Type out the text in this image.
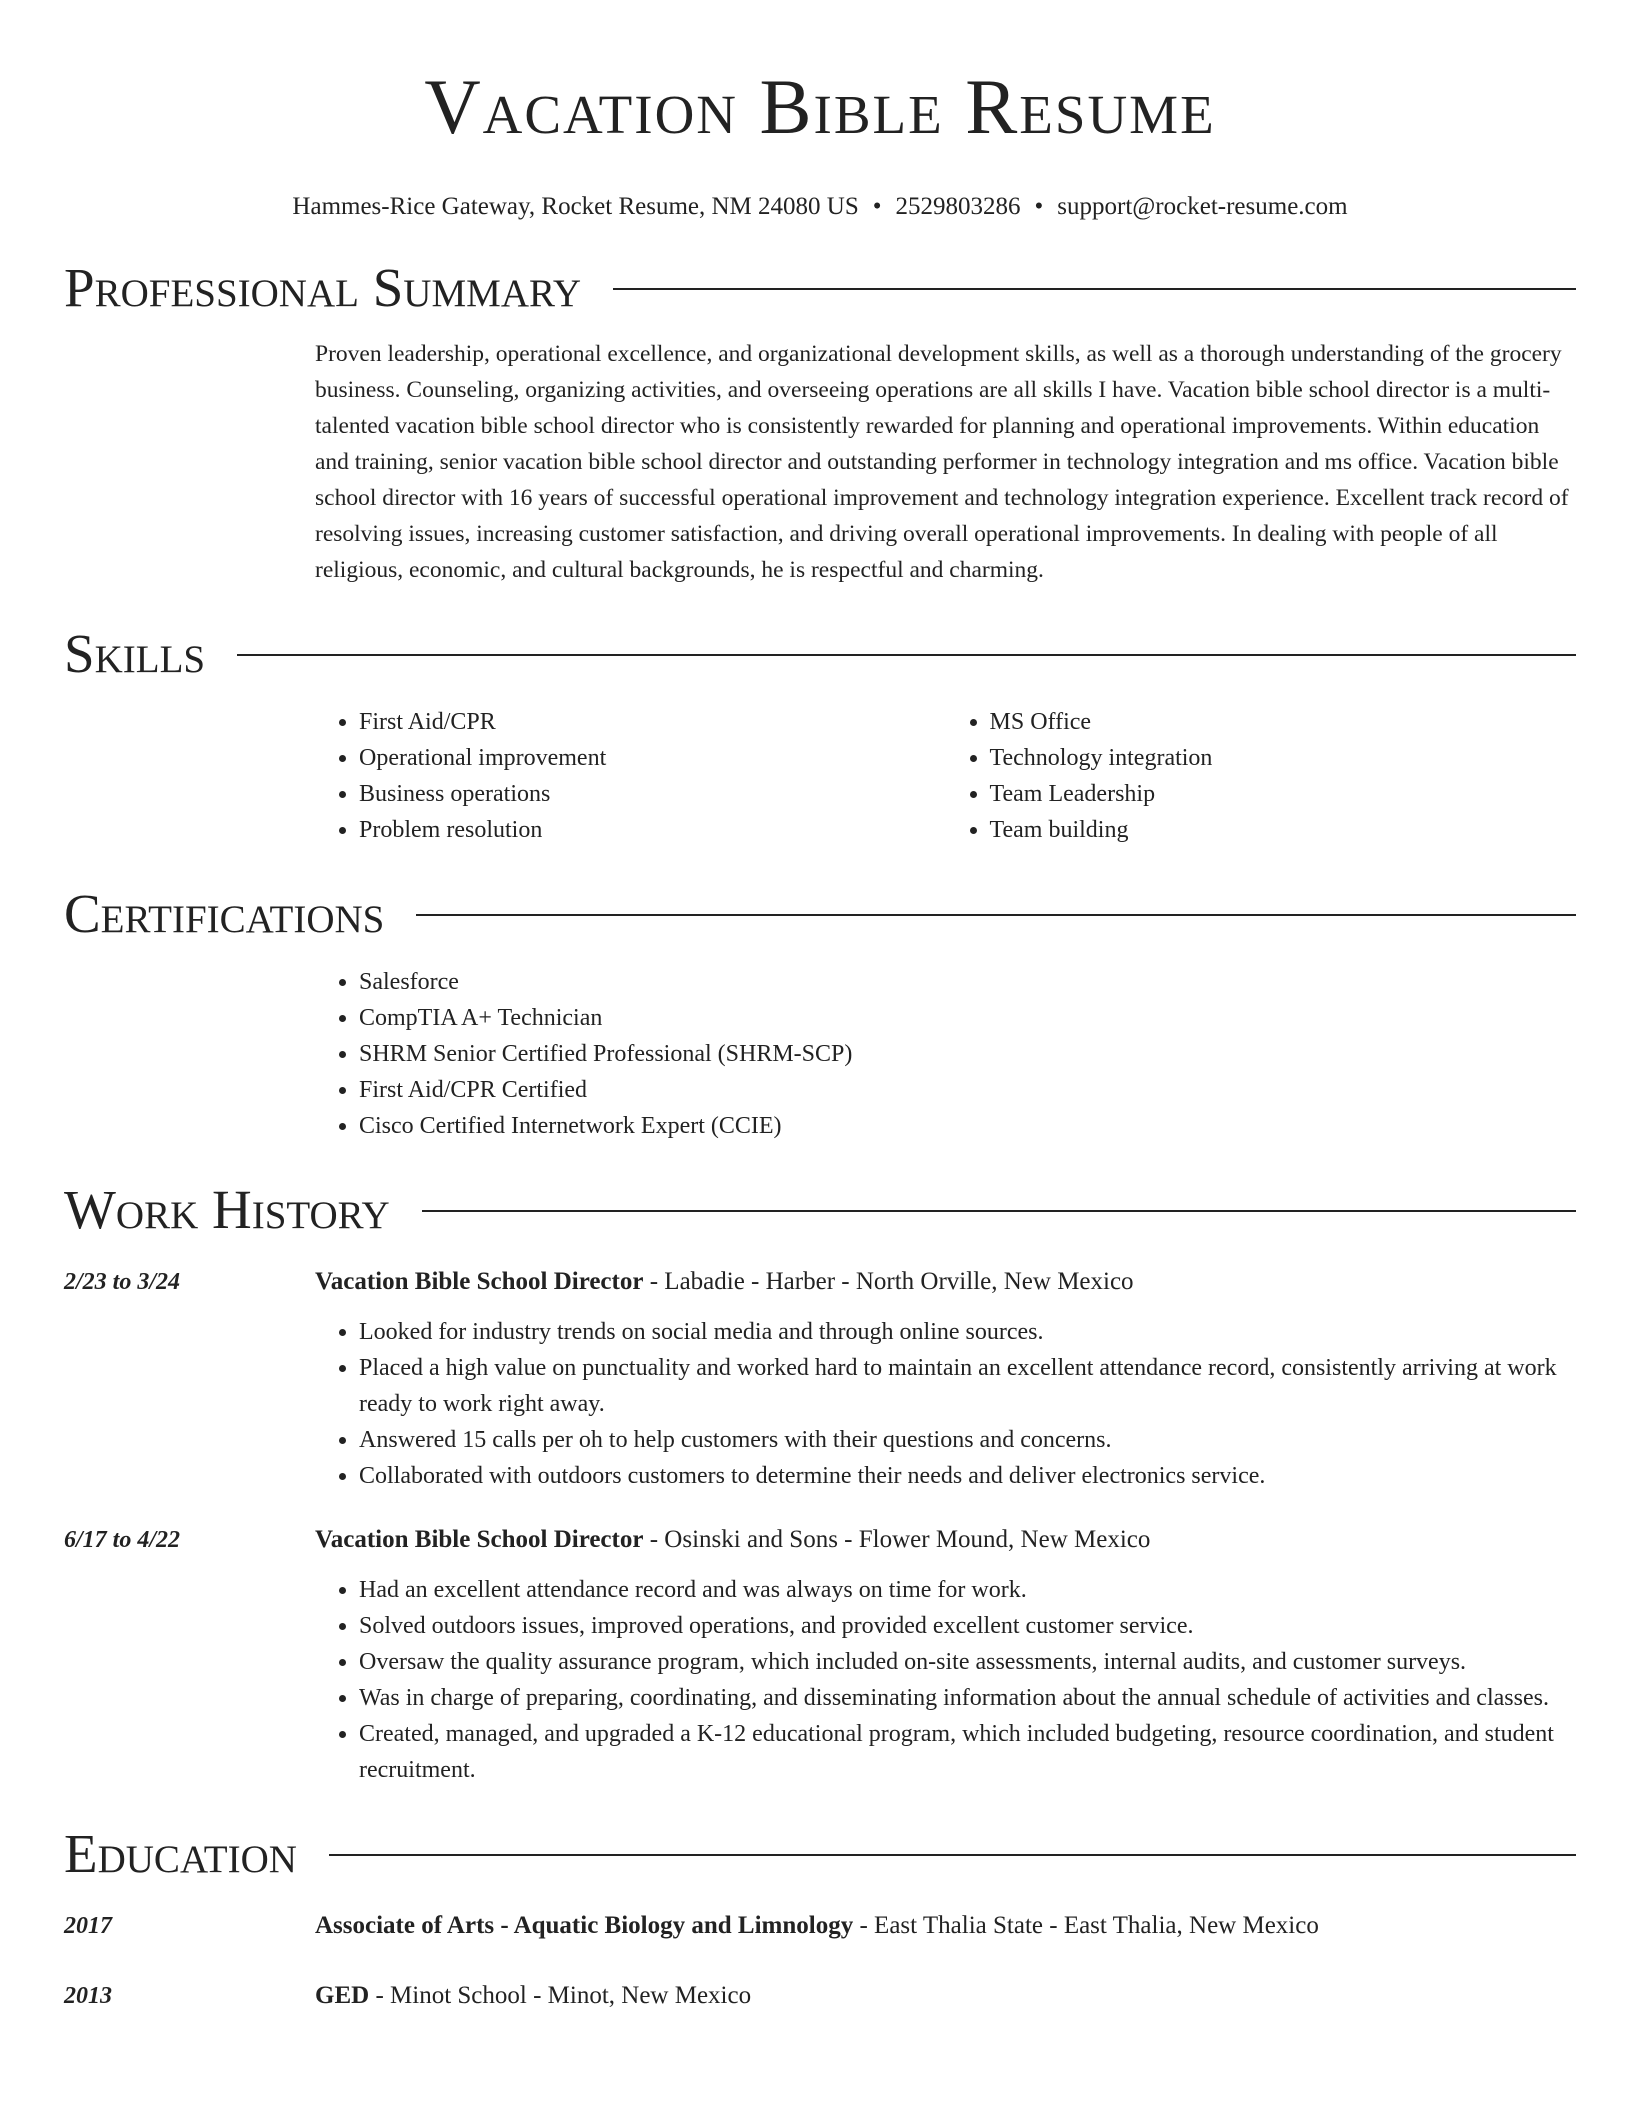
Vacation Bible Resume
Hammes-Rice Gateway, Rocket Resume, NM 24080 US • 2529803286 • support@rocket-resume.com
Professional Summary
Proven leadership, operational excellence, and organizational development skills, as well as a thorough understanding of the grocery business. Counseling, organizing activities, and overseeing operations are all skills I have. Vacation bible school director is a multi-talented vacation bible school director who is consistently rewarded for planning and operational improvements. Within education and training, senior vacation bible school director and outstanding performer in technology integration and ms office. Vacation bible school director with 16 years of successful operational improvement and technology integration experience. Excellent track record of resolving issues, increasing customer satisfaction, and driving overall operational improvements. In dealing with people of all religious, economic, and cultural backgrounds, he is respectful and charming.
Skills
• First Aid/CPR
• Operational improvement
• Business operations
• Problem resolution
• MS Office
• Technology integration
• Team Leadership
• Team building
Certifications
• Salesforce
• CompTIA A+ Technician
• SHRM Senior Certified Professional (SHRM-SCP)
• First Aid/CPR Certified
• Cisco Certified Internetwork Expert (CCIE)
Work History
2/23 to 3/24	Vacation Bible School Director - Labadie - Harber - North Orville, New Mexico
• Looked for industry trends on social media and through online sources.
• Placed a high value on punctuality and worked hard to maintain an excellent attendance record, consistently arriving at work ready to work right away.
• Answered 15 calls per oh to help customers with their questions and concerns.
• Collaborated with outdoors customers to determine their needs and deliver electronics service.
6/17 to 4/22	Vacation Bible School Director - Osinski and Sons - Flower Mound, New Mexico
• Had an excellent attendance record and was always on time for work.
• Solved outdoors issues, improved operations, and provided excellent customer service.
• Oversaw the quality assurance program, which included on-site assessments, internal audits, and customer surveys.
• Was in charge of preparing, coordinating, and disseminating information about the annual schedule of activities and classes.
• Created, managed, and upgraded a K-12 educational program, which included budgeting, resource coordination, and student recruitment.
Education
2017	Associate of Arts - Aquatic Biology and Limnology - East Thalia State - East Thalia, New Mexico
2013	GED - Minot School - Minot, New Mexico
